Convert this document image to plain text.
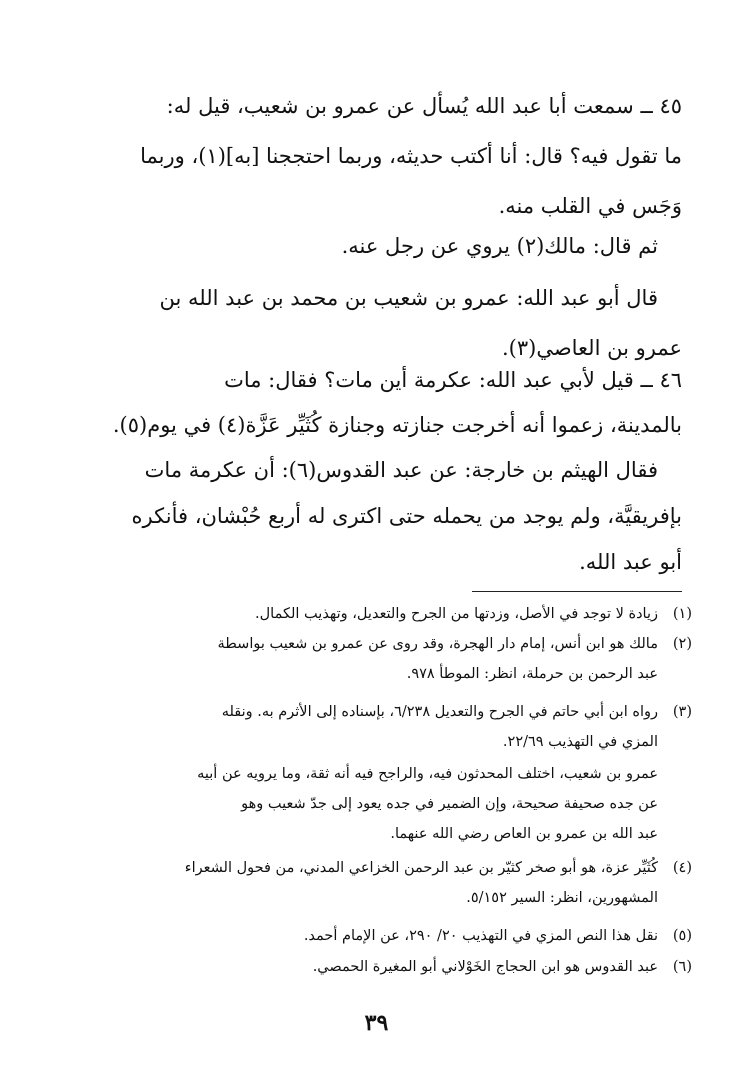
٤٥ ــ سمعت أبا عبد الله يُسأل عن عمرو بن شعيب، قيل له:

ما تقول فيه؟ قال: أنا أكتب حديثه، وربما احتججنا [به](١)، وربما

وَجَس في القلب منه.

ثم قال: مالك(٢) يروي عن رجل عنه.

قال أبو عبد الله: عمرو بن شعيب بن محمد بن عبد الله بن

عمرو بن العاصي(٣).

٤٦ ــ قيل لأبي عبد الله: عكرمة أين مات؟ فقال: مات

بالمدينة، زعموا أنه أخرجت جنازته وجنازة كُثَيِّر عَزَّة(٤) في يوم(٥).

فقال الهيثم بن خارجة: عن عبد القدوس(٦): أن عكرمة مات

بإفريقيَّة، ولم يوجد من يحمله حتى اكترى له أربع حُبْشان، فأنكره

أبو عبد الله.

(١)
زيادة لا توجد في الأصل، وزدتها من الجرح والتعديل، وتهذيب الكمال.
(٢)
مالك هو ابن أنس، إمام دار الهجرة، وقد روى عن عمرو بن شعيب بواسطة

عبد الرحمن بن حرملة، انظر: الموطأ ٩٧٨.

(٣)
رواه ابن أبي حاتم في الجرح والتعديل ٦/٢٣٨، بإسناده إلى الأثرم به. ونقله

المزي في التهذيب ٢٢/٦٩.

عمرو بن شعيب، اختلف المحدثون فيه، والراجح فيه أنه ثقة، وما يرويه عن أبيه

عن جده صحيفة صحيحة، وإن الضمير في جده يعود إلى جدّ شعيب وهو

عبد الله بن عمرو بن العاص رضي الله عنهما.

(٤)
كُثَيِّر عزة، هو أبو صخر كثيّر بن عبد الرحمن الخزاعي المدني، من فحول الشعراء

المشهورين، انظر: السير ٥/١٥٢.

(٥)
نقل هذا النص المزي في التهذيب ٢٠/ ٢٩٠، عن الإمام أحمد.
(٦)
عبد القدوس هو ابن الحجاج الخَوْلاني أبو المغيرة الحمصي.
٣٩
